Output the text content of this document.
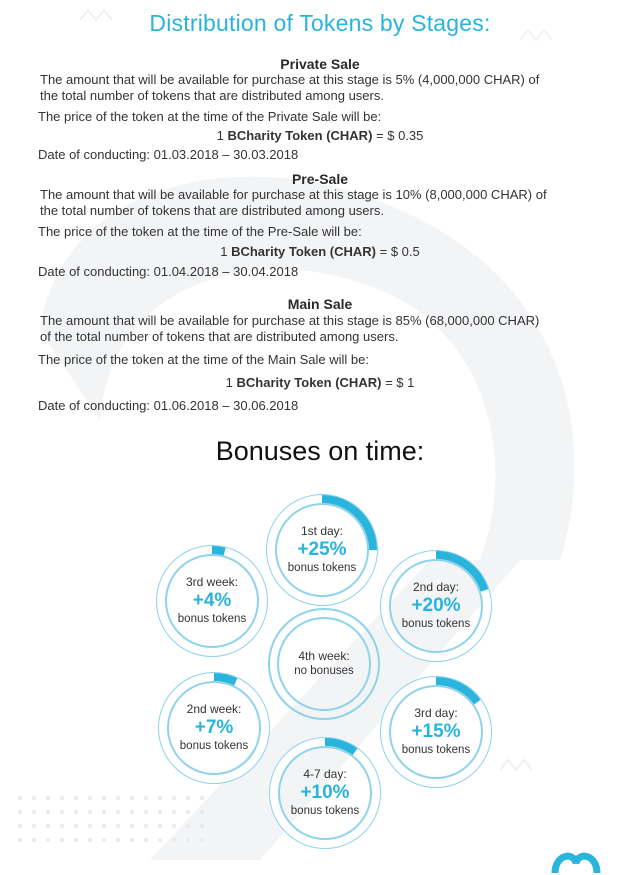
Distribution of Tokens by Stages:
Private Sale
The amount that will be available for purchase at this stage is 5% (4,000,000 CHAR) of
the total number of tokens that are distributed among users.
The price of the token at the time of the Private Sale will be:
1 BCharity Token (CHAR) = $ 0.35
Date of conducting: 01.03.2018 – 30.03.2018
Pre-Sale
The amount that will be available for purchase at this stage is 10% (8,000,000 CHAR) of
the total number of tokens that are distributed among users.
The price of the token at the time of the Pre-Sale will be:
1 BCharity Token (CHAR) = $ 0.5
Date of conducting: 01.04.2018 – 30.04.2018
Main Sale
The amount that will be available for purchase at this stage is 85% (68,000,000 CHAR)
of the total number of tokens that are distributed among users.
The price of the token at the time of the Main Sale will be:
1 BCharity Token (CHAR) = $ 1
Date of conducting: 01.06.2018 – 30.06.2018
Bonuses on time:
1st day:
+25%
bonus tokens
2nd day:
+20%
bonus tokens
3rd day:
+15%
bonus tokens
4-7 day:
+10%
bonus tokens
2nd week:
+7%
bonus tokens
3rd week:
+4%
bonus tokens
4th week:
no bonuses
